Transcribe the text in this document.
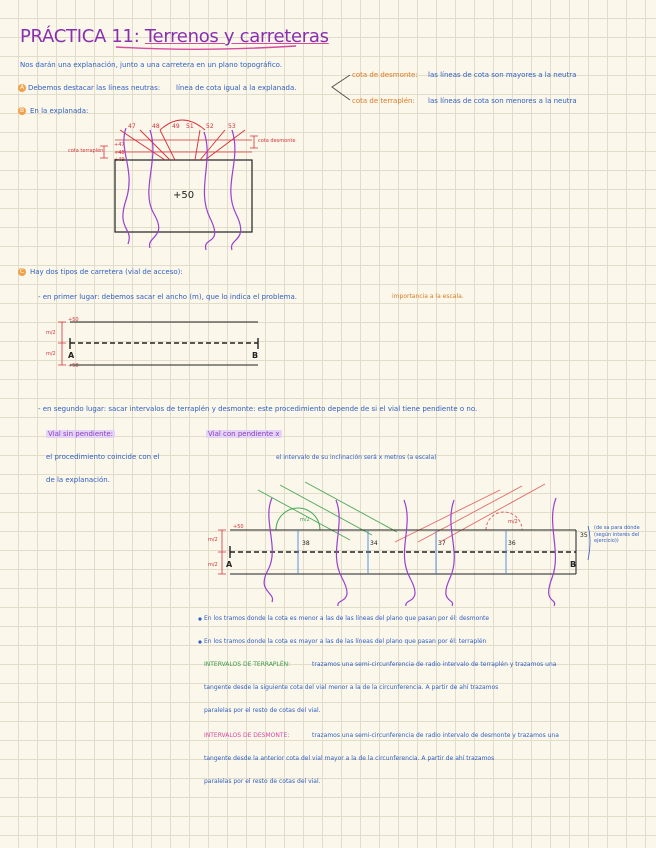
PRÁCTICA 11: Terrenos y carreteras
Nos darán una explanación, junto a una carretera en un plano topográfico.
A Debemos destacar las líneas neutras: línea de cota igual a la explanada.
cota de desmonte: las líneas de cota son mayores a la neutra
cota de terraplén: las líneas de cota son menores a la neutra
B En la explanada:
cota terraplén
cota desmonte
47	48 49 51 52 53
+47
+48
+49
+50
C Hay dos tipos de carretera (vial de acceso):
- en primer lugar: debemos sacar el ancho (m), que lo indica el problema.	importancia a la escala.
+50
+50
m/2
m/2 A	B
- en segundo lugar: sacar intervalos de terraplén y desmonte: este procedimiento depende de si el vial tiene pendiente o no.
Vial sin pendiente:
el procedimiento coincide con el
de la explanación.
Vial con pendiente x
el intervalo de su inclinación será x metros (a escala)
+50
m/2
m/2
38	34	37	36
35
m/2	m/2
A	B
(de sa para dónde (según interés del ejercicio))
En los tramos donde la cota es menor a las de las líneas del plano que pasan por él: desmonte
En los tramos donde la cota es mayor a las de las líneas del plano que pasan por él: terraplén
INTERVALOS DE TERRAPLÉN:	trazamos una semi-circunferencia de radio intervalo de terraplén y trazamos una
tangente desde la siguiente cota del vial menor a la de la circunferencia. A partir de ahí trazamos
paralelas por el resto de cotas del vial.
INTERVALOS DE DESMONTE:	trazamos una semi-circunferencia de radio intervalo de desmonte y trazamos una
tangente desde la anterior cota del vial mayor a la de la circunferencia. A partir de ahí trazamos
paralelas por el resto de cotas del vial.
